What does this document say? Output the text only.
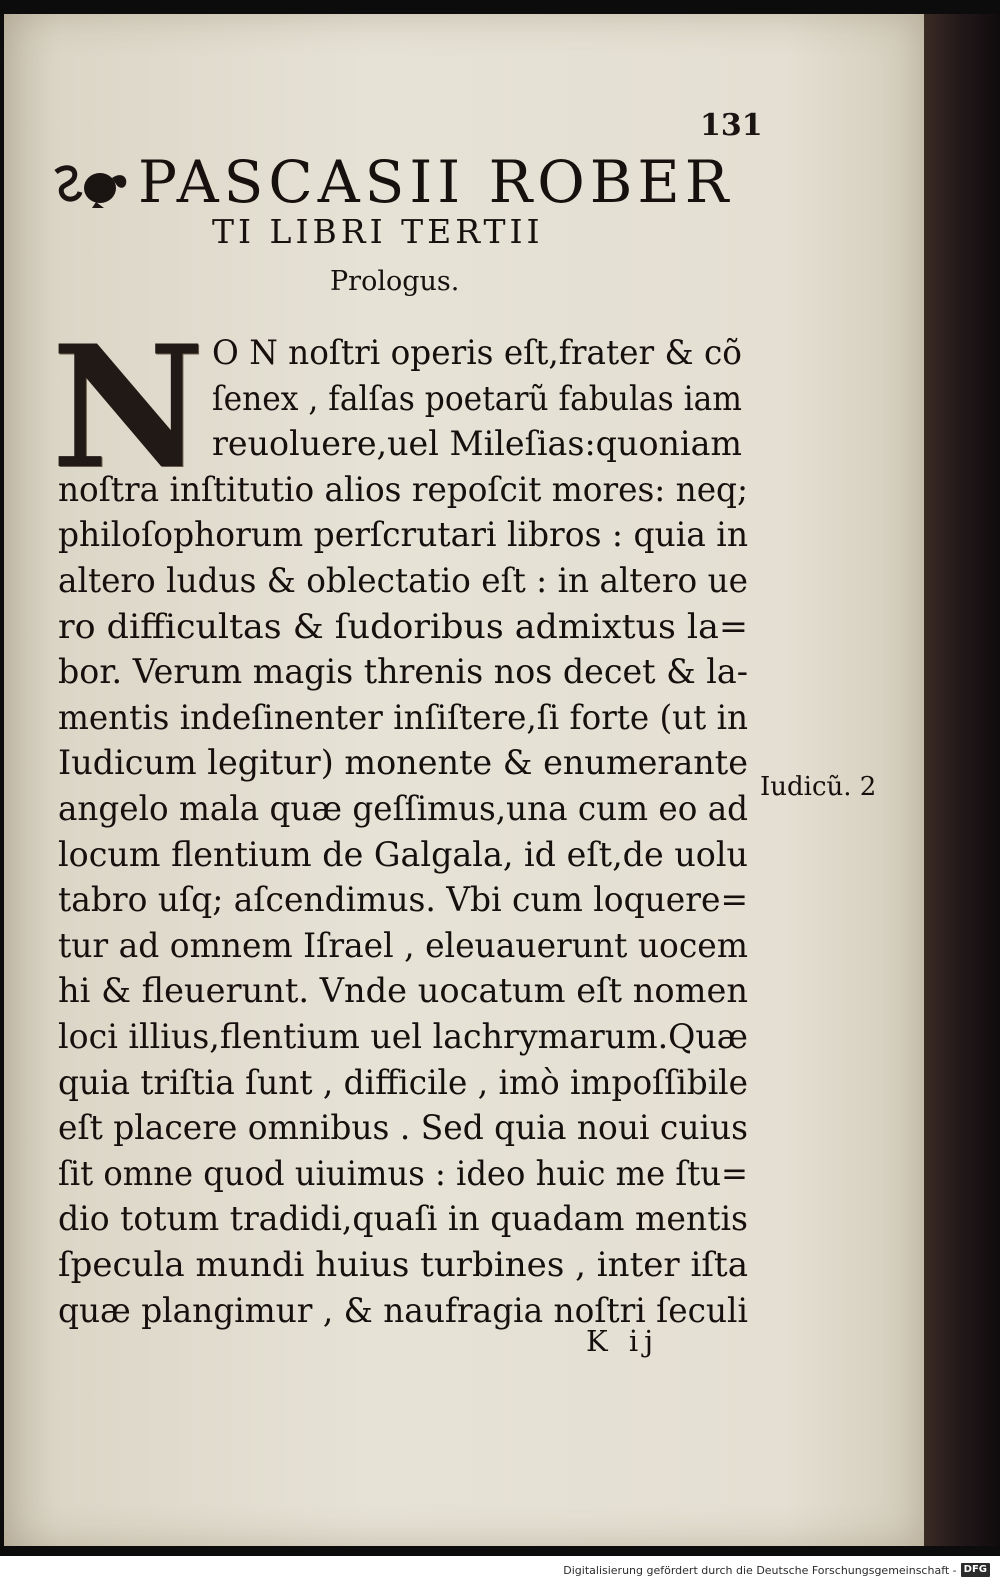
131
PASCASII ROBER
TI LIBRI TERTII
Prologus.
N O N noſtri operis eſt,frater & cõ
ſenex , falſas poetarũ fabulas iam
reuoluere,uel Mileſias:quoniam
noſtra inſtitutio alios repoſcit mores: neq;
philoſophorum perſcrutari libros : quia in
altero ludus & oblectatio eſt : in altero ue
ro difficultas & ſudoribus admixtus la=
bor. Verum magis threnis nos decet & la-
mentis indeſinenter inſiſtere,ſi forte (ut in
Iudicum legitur) monente & enumerante
angelo mala quæ geſſimus,una cum eo ad
locum flentium de Galgala, id eſt,de uolu
tabro uſq; aſcendimus. Vbi cum loquere=
tur ad omnem Iſrael , eleuauerunt uocem
hi & fleuerunt. Vnde uocatum eſt nomen
loci illius,flentium uel lachrymarum.Quæ
quia triſtia ſunt , difficile , imò impoſſibile
eſt placere omnibus . Sed quia noui cuius
ſit omne quod uiuimus : ideo huic me ſtu=
dio totum tradidi,quaſi in quadam mentis
ſpecula mundi huius turbines , inter iſta
quæ plangimur , & naufragia noſtri ſeculi
Iudicũ. 2
K ij
Digitalisierung gefördert durch die Deutsche Forschungsgemeinschaft - DFG
